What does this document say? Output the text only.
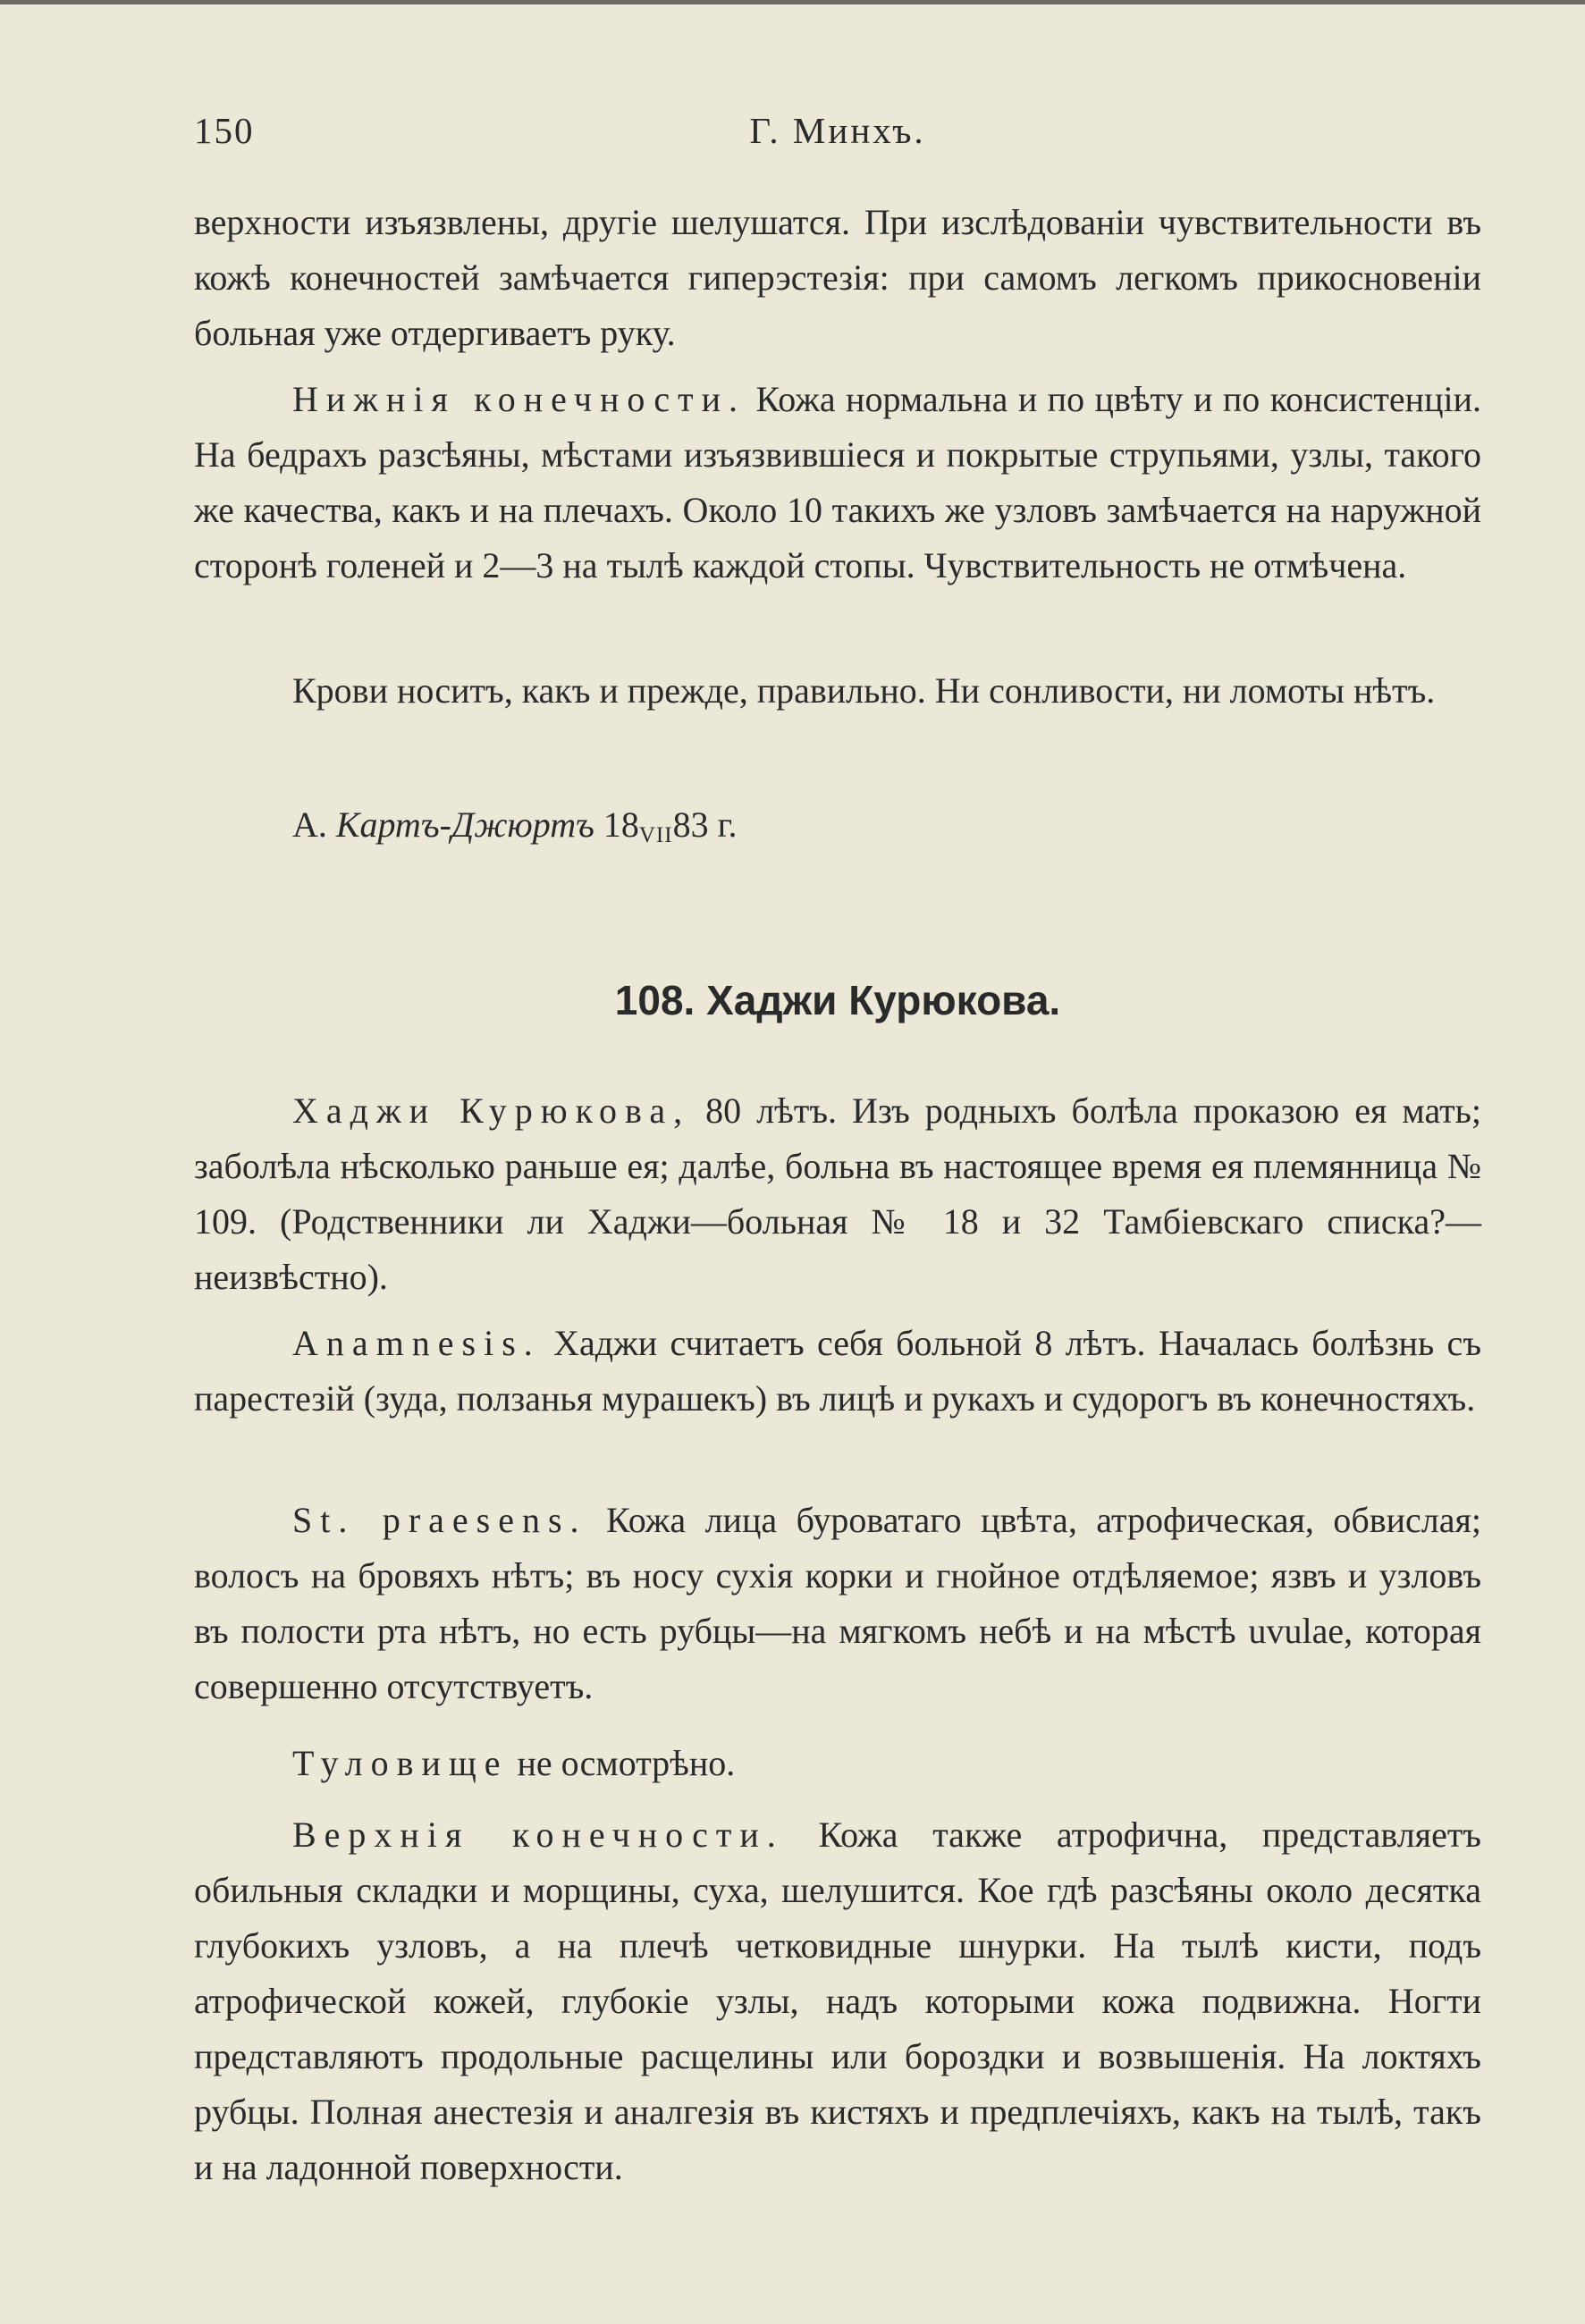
150	Г. Минхъ.
верхности изъязвлены, другіе шелушатся. При изслѣдованіи чувствительности въ кожѣ конечностей замѣчается гиперэстезія: при самомъ легкомъ прикосновеніи больная уже отдергиваетъ руку.
Нижнія конечности. Кожа нормальна и по цвѣту и по консистенціи. На бедрахъ разсѣяны, мѣстами изъязвившіеся и покрытые струпьями, узлы, такого же качества, какъ и на плечахъ. Около 10 такихъ же узловъ замѣчается на наружной сторонѣ голеней и 2—3 на тылѣ каждой стопы. Чувствительность не отмѣчена.
Крови носитъ, какъ и прежде, правильно. Ни сонливости, ни ломоты нѣтъ.
А. Картъ-Джюртъ $18_{VII}83$ г.
108. Хаджи Курюкова.
Хаджи Курюкова, 80 лѣтъ. Изъ родныхъ болѣла проказою ея мать; заболѣла нѣсколько раньше ея; далѣе, больна въ настоящее время ея племянница № 109. (Родственники ли Хаджи—больная № 18 и 32 Тамбіевскаго списка?—неизвѣстно).
Anamnesis. Хаджи считаетъ себя больной 8 лѣтъ. Началась болѣзнь съ парестезій (зуда, ползанья мурашекъ) въ лицѣ и рукахъ и судорогъ въ конечностяхъ.
St. praesens. Кожа лица буроватаго цвѣта, атрофическая, обвислая; волосъ на бровяхъ нѣтъ; въ носу сухія корки и гнойное отдѣляемое; язвъ и узловъ въ полости рта нѣтъ, но есть рубцы—на мягкомъ небѣ и на мѣстѣ uvulae, которая совершенно отсутствуетъ.
Туловище не осмотрѣно.
Верхнія конечности. Кожа также атрофична, представляетъ обильныя складки и морщины, суха, шелушится. Кое гдѣ разсѣяны около десятка глубокихъ узловъ, а на плечѣ четковидные шнурки. На тылѣ кисти, подъ атрофической кожей, глубокіе узлы, надъ которыми кожа подвижна. Ногти представляютъ продольные расщелины или бороздки и возвышенія. На локтяхъ рубцы. Полная анестезія и аналгезія въ кистяхъ и предплечіяхъ, какъ на тылѣ, такъ и на ладонной поверхности.
